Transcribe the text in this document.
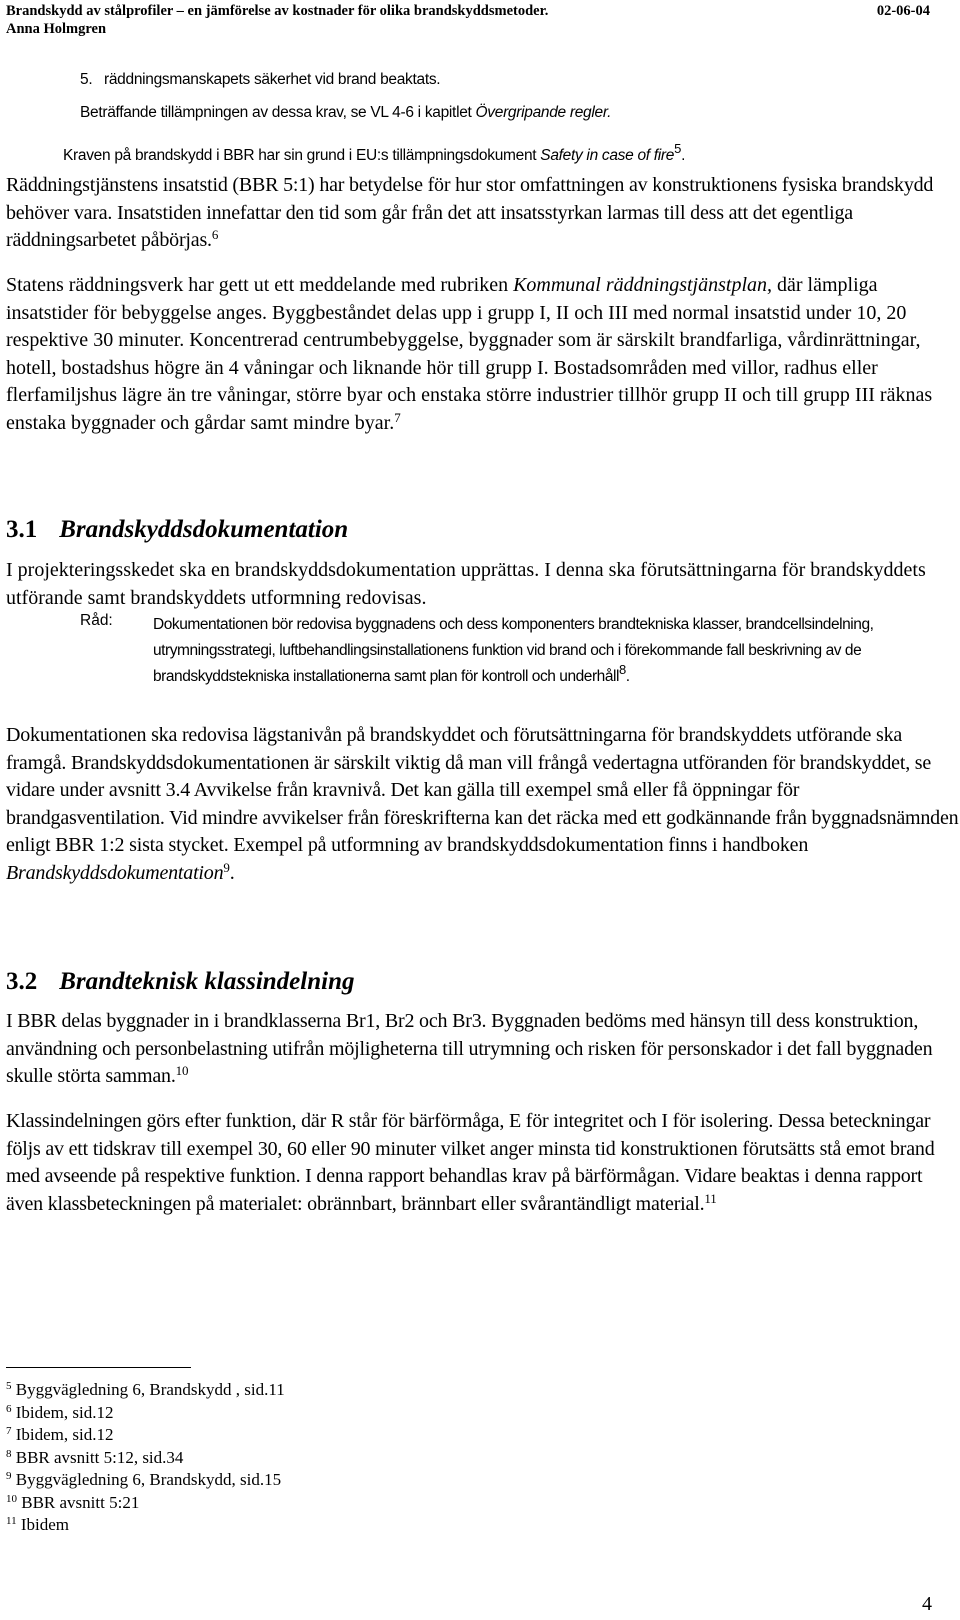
Brandskydd av stålprofiler – en jämförelse av kostnader för olika brandskyddsmetoder.
Anna Holmgren
02-06-04
5. räddningsmanskapets säkerhet vid brand beaktats.
Beträffande tillämpningen av dessa krav, se VL 4-6 i kapitlet Övergripande regler.
Kraven på brandskydd i BBR har sin grund i EU:s tillämpningsdokument Safety in case of fire$^5$.
Räddningstjänstens insatstid (BBR 5:1) har betydelse för hur stor omfattningen av konstruktionens fysiska brandskydd behöver vara. Insatstiden innefattar den tid som går från det att insatsstyrkan larmas till dess att det egentliga räddningsarbetet påbörjas.$^6$
Statens räddningsverk har gett ut ett meddelande med rubriken Kommunal räddningstjänstplan, där lämpliga insatstider för bebyggelse anges. Byggbeståndet delas upp i grupp I, II och III med normal insatstid under 10, 20 respektive 30 minuter. Koncentrerad centrumbebyggelse, byggnader som är särskilt brandfarliga, vårdinrättningar, hotell, bostadshus högre än 4 våningar och liknande hör till grupp I. Bostadsområden med villor, radhus eller flerfamiljshus lägre än tre våningar, större byar och enstaka större industrier tillhör grupp II och till grupp III räknas enstaka byggnader och gårdar samt mindre byar.$^7$
3.1 Brandskyddsdokumentation
I projekteringsskedet ska en brandskyddsdokumentation upprättas. I denna ska förutsättningarna för brandskyddets utförande samt brandskyddets utformning redovisas.
Råd:	Dokumentationen bör redovisa byggnadens och dess komponenters brandtekniska klasser, brandcellsindelning, utrymningsstrategi, luftbehandlingsinstallationens funktion vid brand och i förekommande fall beskrivning av de brandskyddstekniska installationerna samt plan för kontroll och underhåll$^8$.
Dokumentationen ska redovisa lägstanivån på brandskyddet och förutsättningarna för brandskyddets utförande ska framgå. Brandskyddsdokumentationen är särskilt viktig då man vill frångå vedertagna utföranden för brandskyddet, se vidare under avsnitt 3.4 Avvikelse från kravnivå. Det kan gälla till exempel små eller få öppningar för brandgasventilation. Vid mindre avvikelser från föreskrifterna kan det räcka med ett godkännande från byggnadsnämnden enligt BBR 1:2 sista stycket. Exempel på utformning av brandskyddsdokumentation finns i handboken Brandskyddsdokumentation$^9$.
3.2 Brandteknisk klassindelning
I BBR delas byggnader in i brandklasserna Br1, Br2 och Br3. Byggnaden bedöms med hänsyn till dess konstruktion, användning och personbelastning utifrån möjligheterna till utrymning och risken för personskador i det fall byggnaden skulle störta samman.$^{10}$
Klassindelningen görs efter funktion, där R står för bärförmåga, E för integritet och I för isolering. Dessa beteckningar följs av ett tidskrav till exempel 30, 60 eller 90 minuter vilket anger minsta tid konstruktionen förutsätts stå emot brand med avseende på respektive funktion. I denna rapport behandlas krav på bärförmågan. Vidare beaktas i denna rapport även klassbeteckningen på materialet: obrännbart, brännbart eller svårantändligt material.$^{11}$
$^5$ Byggvägledning 6, Brandskydd , sid.11
$^6$ Ibidem, sid.12
$^7$ Ibidem, sid.12
$^8$ BBR avsnitt 5:12, sid.34
$^9$ Byggvägledning 6, Brandskydd, sid.15
$^{10}$ BBR avsnitt 5:21
$^{11}$ Ibidem
4
